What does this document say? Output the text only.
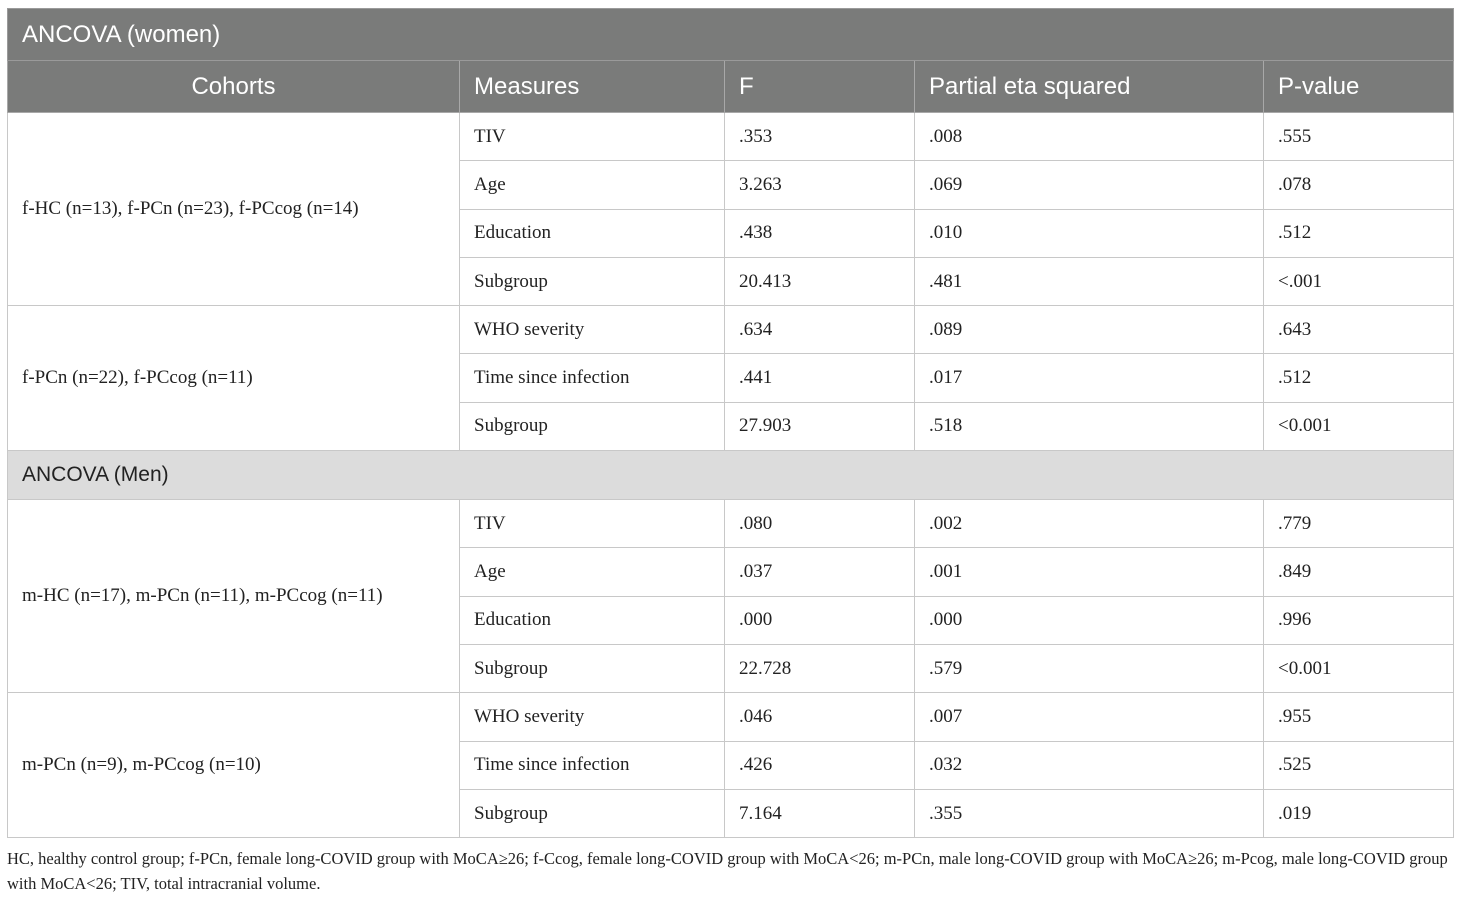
ANCOVA (women)				
Cohorts	Measures	F	Partial eta squared	P-value
f-HC (n=13), f-PCn (n=23), f-PCcog (n=14)	TIV	.353	.008	.555
	Age	3.263	.069	.078
	Education	.438	.010	.512
	Subgroup	20.413	.481	<.001
f-PCn (n=22), f-PCcog (n=11)	WHO severity	.634	.089	.643
	Time since infection	.441	.017	.512
	Subgroup	27.903	.518	<0.001
ANCOVA (Men)				
m-HC (n=17), m-PCn (n=11), m-PCcog (n=11)	TIV	.080	.002	.779
	Age	.037	.001	.849
	Education	.000	.000	.996
	Subgroup	22.728	.579	<0.001
m-PCn (n=9), m-PCcog (n=10)	WHO severity	.046	.007	.955
	Time since infection	.426	.032	.525
	Subgroup	7.164	.355	.019
HC, healthy control group; f-PCn, female long-COVID group with MoCA≥26; f-Ccog, female long-COVID group with MoCA<26; m-PCn, male long-COVID group with MoCA≥26; m-Pcog, male long-COVID group with MoCA<26; TIV, total intracranial volume.
